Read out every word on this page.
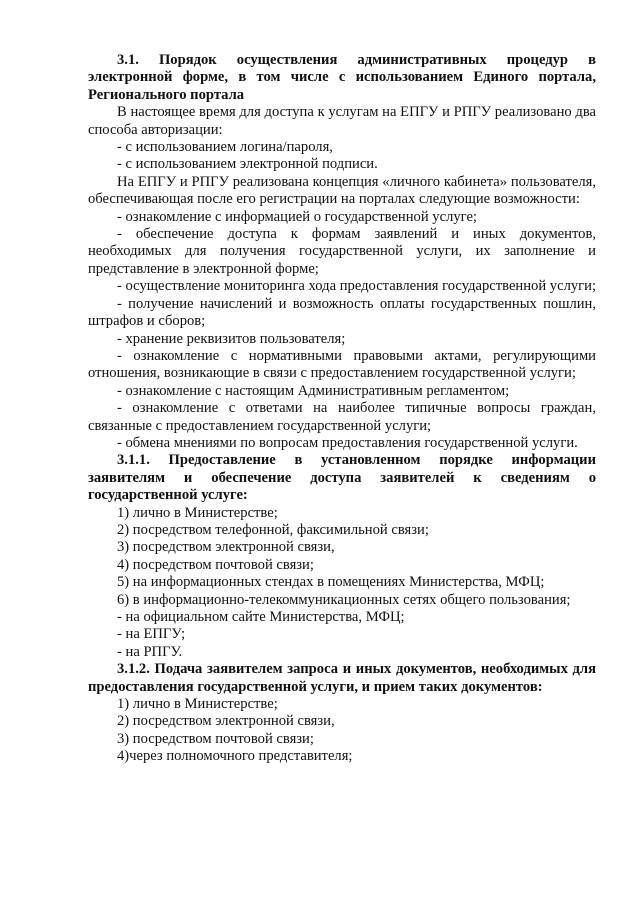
3.1. Порядок осуществления административных процедур в электронной форме, в том числе с использованием Единого портала, Регионального портала

В настоящее время для доступа к услугам на ЕПГУ и РПГУ реализовано два способа авторизации:

- с использованием логина/пароля,

- с использованием электронной подписи.

На ЕПГУ и РПГУ реализована концепция «личного кабинета» пользователя, обеспечивающая после его регистрации на порталах следующие возможности:

- ознакомление с информацией о государственной услуге;

- обеспечение доступа к формам заявлений и иных документов, необходимых для получения государственной услуги, их заполнение и представление в электронной форме;

- осуществление мониторинга хода предоставления государственной услуги;

- получение начислений и возможность оплаты государственных пошлин, штрафов и сборов;

- хранение реквизитов пользователя;

- ознакомление с нормативными правовыми актами, регулирующими отношения, возникающие в связи с предоставлением государственной услуги;

- ознакомление с настоящим Административным регламентом;

- ознакомление с ответами на наиболее типичные вопросы граждан, связанные с предоставлением государственной услуги;

- обмена мнениями по вопросам предоставления государственной услуги.

3.1.1. Предоставление в установленном порядке информации заявителям и обеспечение доступа заявителей к сведениям о государственной услуге:

1) лично в Министерстве;

2) посредством телефонной, факсимильной связи;

3) посредством электронной связи,

4) посредством почтовой связи;

5) на информационных стендах в помещениях Министерства, МФЦ;

6) в информационно-телекоммуникационных сетях общего пользования;

- на официальном сайте Министерства, МФЦ;

- на ЕПГУ;

- на РПГУ.

3.1.2. Подача заявителем запроса и иных документов, необходимых для предоставления государственной услуги, и прием таких документов:

1) лично в Министерстве;

2) посредством электронной связи,

3) посредством почтовой связи;

4)через полномочного представителя;
